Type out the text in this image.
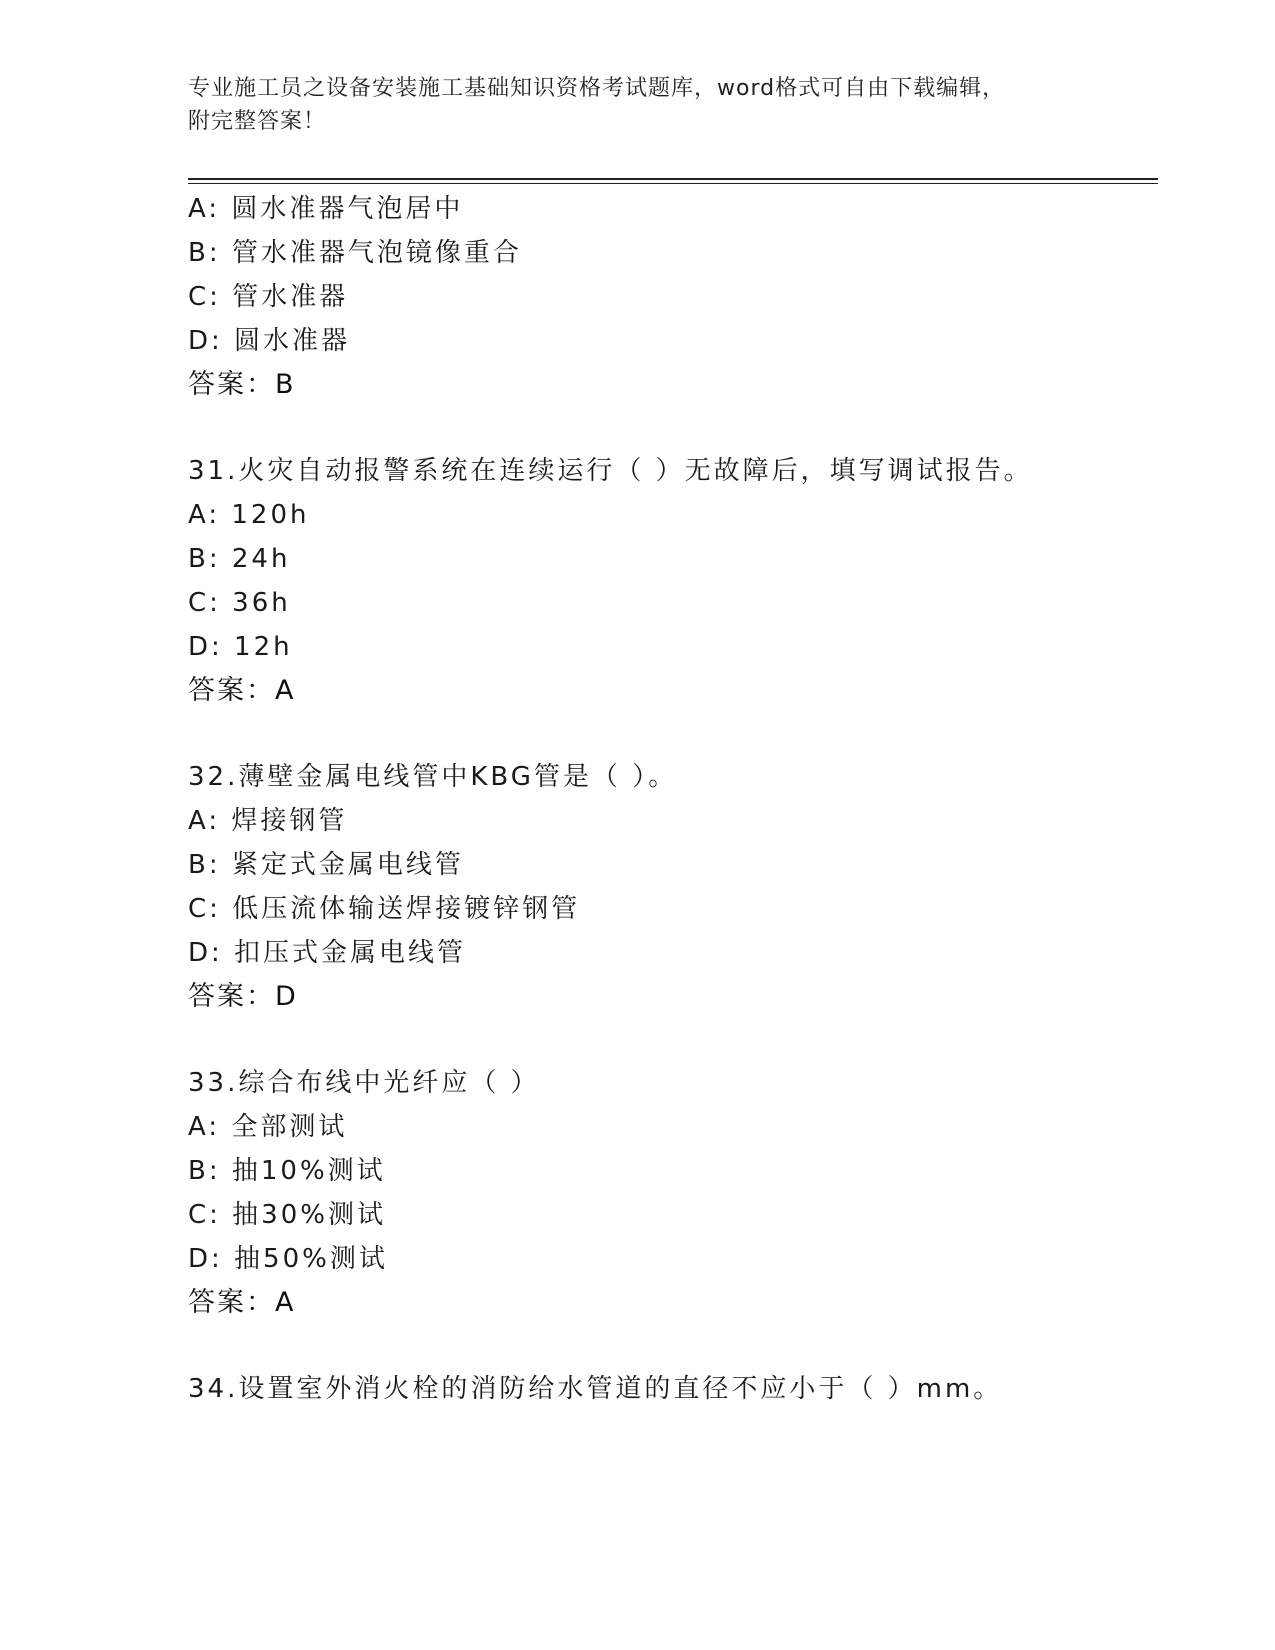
专业施工员之设备安装施工基础知识资格考试题库，word格式可自由下载编辑，
附完整答案！
A: 圆水准器气泡居中
B: 管水准器气泡镜像重合
C: 管水准器
D: 圆水准器
答案：B
31.火灾自动报警系统在连续运行（ ）无故障后，填写调试报告。
A: 120h
B: 24h
C: 36h
D: 12h
答案：A
32.薄壁金属电线管中KBG管是（ ）。
A: 焊接钢管
B: 紧定式金属电线管
C: 低压流体输送焊接镀锌钢管
D: 扣压式金属电线管
答案：D
33.综合布线中光纤应（ ）
A: 全部测试
B: 抽10%测试
C: 抽30%测试
D: 抽50%测试
答案：A
34.设置室外消火栓的消防给水管道的直径不应小于（ ）mm。
